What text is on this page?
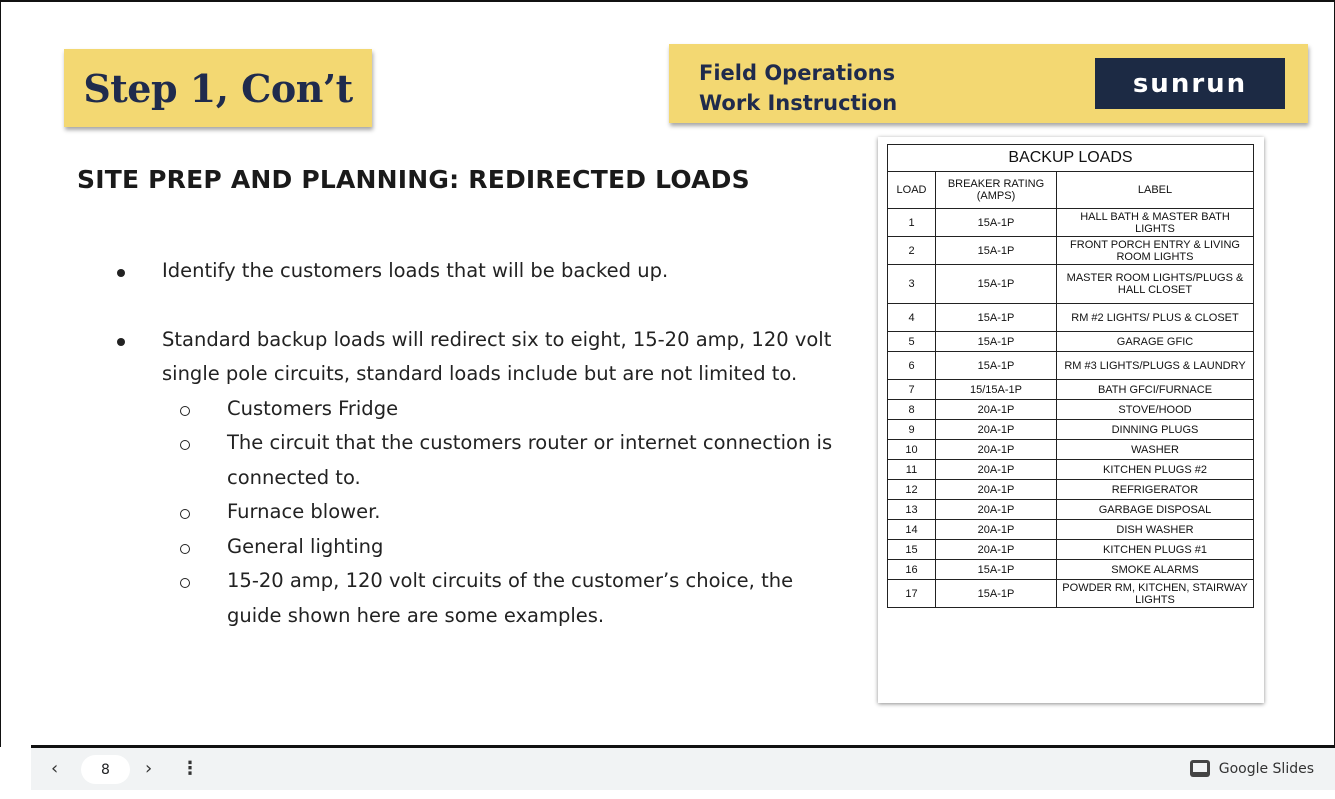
Step 1, Con’t	Field Operations
Work Instruction
sunrun
SITE PREP AND PLANNING: REDIRECTED LOADS
Identify the customers loads that will be backed up.
Standard backup loads will redirect six to eight, 15-20 amp, 120 volt single pole circuits, standard loads include but are not limited to.
Customers Fridge
The circuit that the customers router or internet connection is connected to.
Furnace blower.
General lighting
15-20 amp, 120 volt circuits of the customer’s choice, the guide shown here are some examples.
BACKUP LOADS		
LOAD	BREAKER RATING (AMPS)	LABEL
1	15A-1P	HALL BATH & MASTER BATH LIGHTS
2	15A-1P	FRONT PORCH ENTRY & LIVING ROOM LIGHTS
3	15A-1P	MASTER ROOM LIGHTS/PLUGS & HALL CLOSET
4	15A-1P	RM #2 LIGHTS/ PLUS & CLOSET
5	15A-1P	GARAGE GFIC
6	15A-1P	RM #3 LIGHTS/PLUGS & LAUNDRY
7	15/15A-1P	BATH GFCI/FURNACE
8	20A-1P	STOVE/HOOD
9	20A-1P	DINNING PLUGS
10	20A-1P	WASHER
11	20A-1P	KITCHEN PLUGS #2
12	20A-1P	REFRIGERATOR
13	20A-1P	GARBAGE DISPOSAL
14	20A-1P	DISH WASHER
15	20A-1P	KITCHEN PLUGS #1
16	15A-1P	SMOKE ALARMS
17	15A-1P	POWDER RM, KITCHEN, STAIRWAY LIGHTS
‹	8 › ⋮	Google Slides
